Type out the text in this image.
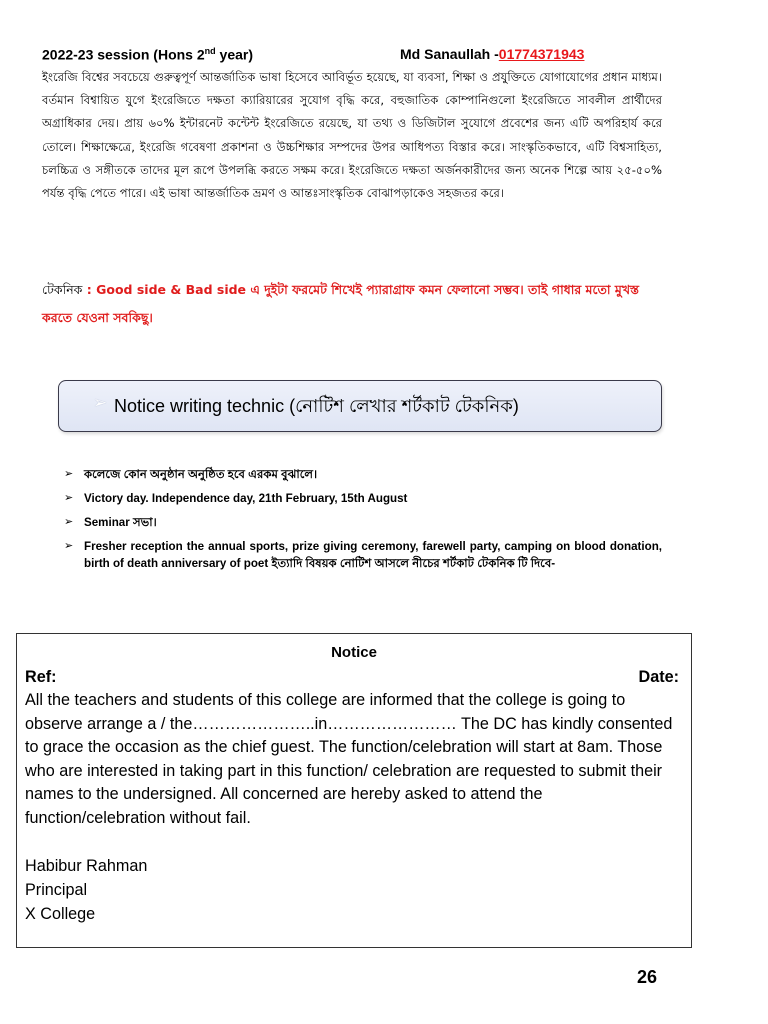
2022-23 session (Hons 2nd year)	Md Sanaullah -01774371943
ইংরেজি বিশ্বের সবচেয়ে গুরুত্বপূর্ণ আন্তর্জাতিক ভাষা হিসেবে আবির্ভূত হয়েছে, যা ব্যবসা, শিক্ষা ও প্রযুক্তিতে যোগাযোগের প্রধান মাধ্যম। বর্তমান বিশ্বায়িত যুগে ইংরেজিতে দক্ষতা ক্যারিয়ারের সুযোগ বৃদ্ধি করে, বহুজাতিক কোম্পানিগুলো ইংরেজিতে সাবলীল প্রার্থীদের অগ্রাধিকার দেয়। প্রায় ৬০% ইন্টারনেট কন্টেন্ট ইংরেজিতে রয়েছে, যা তথ্য ও ডিজিটাল সুযোগে প্রবেশের জন্য এটি অপরিহার্য করে তোলে। শিক্ষাক্ষেত্রে, ইংরেজি গবেষণা প্রকাশনা ও উচ্চশিক্ষার সম্পদের উপর আধিপত্য বিস্তার করে। সাংস্কৃতিকভাবে, এটি বিশ্বসাহিত্য, চলচ্চিত্র ও সঙ্গীতকে তাদের মূল রূপে উপলব্ধি করতে সক্ষম করে। ইংরেজিতে দক্ষতা অর্জনকারীদের জন্য অনেক শিল্পে আয় ২৫-৫০% পর্যন্ত বৃদ্ধি পেতে পারে। এই ভাষা আন্তর্জাতিক ভ্রমণ ও আন্তঃসাংস্কৃতিক বোঝাপড়াকেও সহজতর করে।
টেকনিক : Good side & Bad side এ দুইটা ফরমেট শিখেই প্যারাগ্রাফ কমন ফেলানো সম্ভব। তাই গাধার মতো মুখস্ত করতে যেওনা সবকিছু।
➢ Notice writing technic (নোটিশ লেখার শর্টকাট টেকনিক)
➢ কলেজে কোন অনুষ্ঠান অনুষ্ঠিত হবে এরকম বুঝালে।
➢ Victory day. Independence day, 21th February, 15th August
➢ Seminar সভা।
➢ Fresher reception the annual sports, prize giving ceremony, farewell party, camping on blood donation, birth of death anniversary of poet ইত্যাদি বিষয়ক নোটিশ আসলে নীচের শর্টকাট টেকনিক টি দিবে-
Notice
Ref:	Date:
All the teachers and students of this college are informed that the college is going to observe arrange a / the…………………..in…………………… The DC has kindly consented to grace the occasion as the chief guest. The function/celebration will start at 8am. Those who are interested in taking part in this function/ celebration are requested to submit their names to the undersigned. All concerned are hereby asked to attend the function/celebration without fail.
Habibur Rahman
Principal
X College
26
